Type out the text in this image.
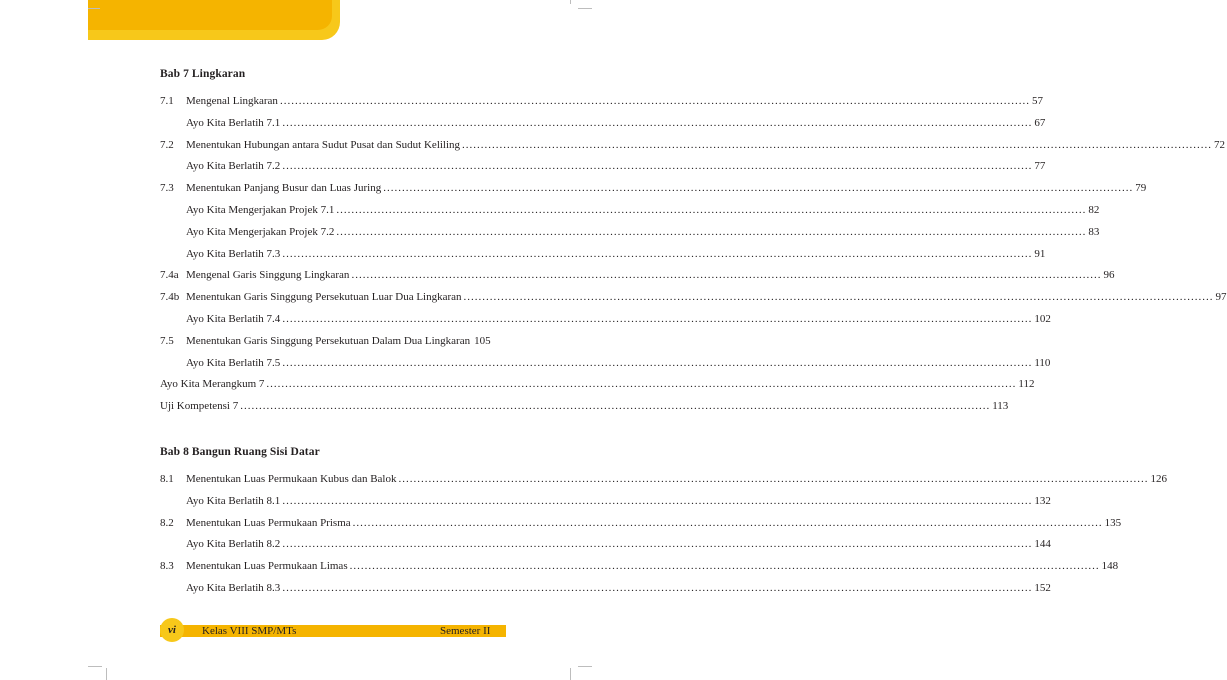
Bab 7 Lingkaran
7.1 Mengenal Lingkaran ........................................................................................................................................................................................................ 57
Ayo Kita Berlatih 7.1 ........................................................................................................................................................................................................ 67
7.2 Menentukan Hubungan antara Sudut Pusat dan Sudut Keliling ........................................................................................................................................................................................................ 72
Ayo Kita Berlatih 7.2 ........................................................................................................................................................................................................ 77
7.3 Menentukan Panjang Busur dan Luas Juring ........................................................................................................................................................................................................ 79
Ayo Kita Mengerjakan Projek 7.1 ........................................................................................................................................................................................................ 82
Ayo Kita Mengerjakan Projek 7.2 ........................................................................................................................................................................................................ 83
Ayo Kita Berlatih 7.3 ........................................................................................................................................................................................................ 91
7.4a Mengenal Garis Singgung Lingkaran ........................................................................................................................................................................................................ 96
7.4b Menentukan Garis Singgung Persekutuan Luar Dua Lingkaran ........................................................................................................................................................................................................ 97
Ayo Kita Berlatih 7.4 ........................................................................................................................................................................................................ 102
7.5 Menentukan Garis Singgung Persekutuan Dalam Dua Lingkaran 105
Ayo Kita Berlatih 7.5 ........................................................................................................................................................................................................ 110
Ayo Kita Merangkum 7 ........................................................................................................................................................................................................ 112
Uji Kompetensi 7 ........................................................................................................................................................................................................ 113
Bab 8 Bangun Ruang Sisi Datar
8.1 Menentukan Luas Permukaan Kubus dan Balok ........................................................................................................................................................................................................ 126
Ayo Kita Berlatih 8.1 ........................................................................................................................................................................................................ 132
8.2 Menentukan Luas Permukaan Prisma ........................................................................................................................................................................................................ 135
Ayo Kita Berlatih 8.2 ........................................................................................................................................................................................................ 144
8.3 Menentukan Luas Permukaan Limas ........................................................................................................................................................................................................ 148
Ayo Kita Berlatih 8.3 ........................................................................................................................................................................................................ 152
vi	Kelas VIII SMP/MTs	Semester II
